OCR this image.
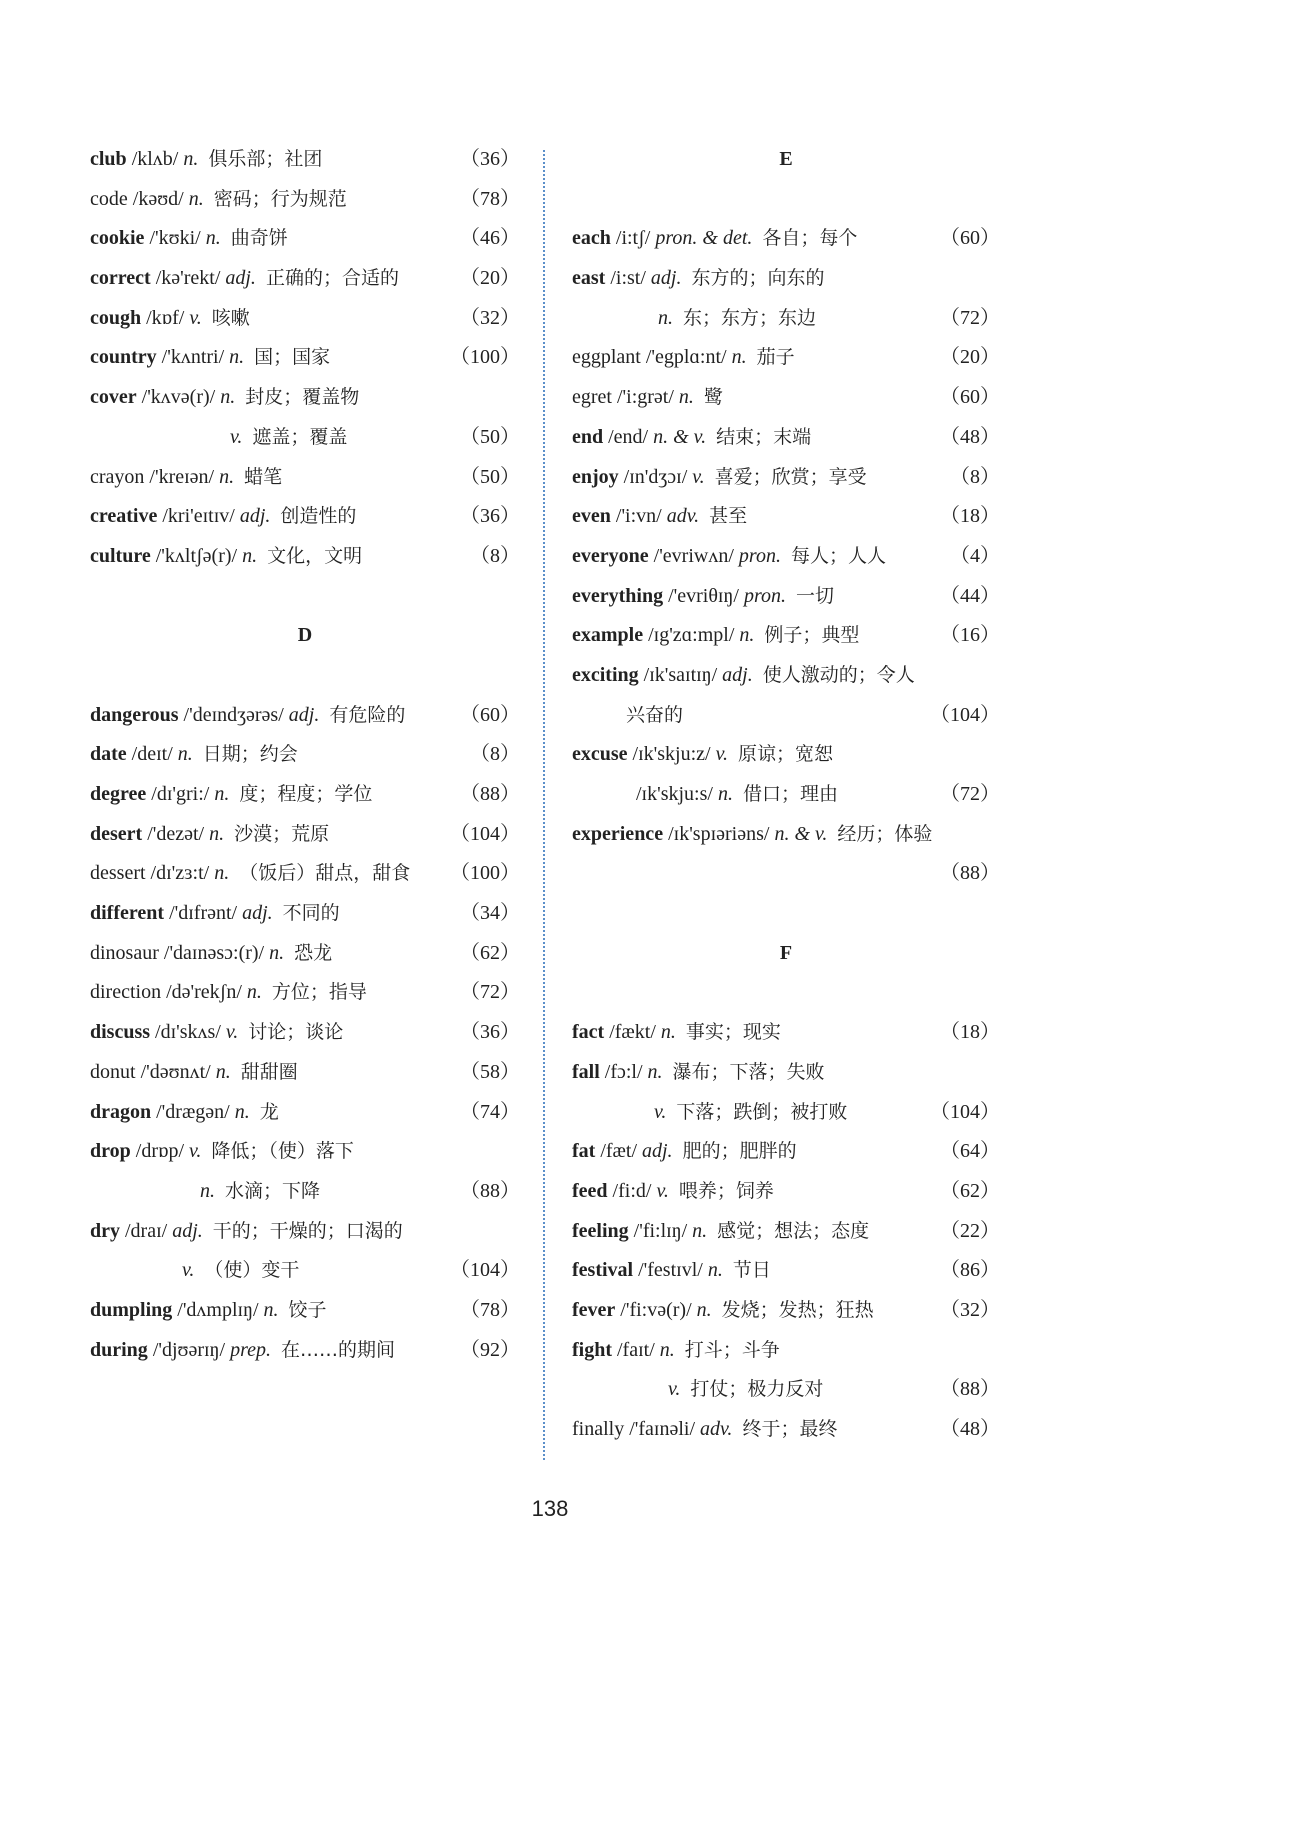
club /klʌb/ n. 俱乐部；社团	（36）
code /kəʊd/ n. 密码；行为规范	（78）
cookie /'kʊki/ n. 曲奇饼	（46）
correct /kə'rekt/ adj. 正确的；合适的	（20）
cough /kɒf/ v. 咳嗽	（32）
country /'kʌntri/ n. 国；国家	（100）
cover /'kʌvə(r)/ n. 封皮；覆盖物
v. 遮盖；覆盖	（50）
crayon /'kreɪən/ n. 蜡笔	（50）
creative /kri'eɪtɪv/ adj. 创造性的	（36）
culture /'kʌltʃə(r)/ n. 文化，文明	（8）
D
dangerous /'deɪndʒərəs/ adj. 有危险的	（60）
date /deɪt/ n. 日期；约会	（8）
degree /dɪ'gri:/ n. 度；程度；学位	（88）
desert /'dezət/ n. 沙漠；荒原	（104）
dessert /dɪ'zɜ:t/ n. （饭后）甜点，甜食 （100）
different /'dɪfrənt/ adj. 不同的	（34）
dinosaur /'daɪnəsɔ:(r)/ n. 恐龙	（62）
direction /də'rekʃn/ n. 方位；指导	（72）
discuss /dɪ'skʌs/ v. 讨论；谈论	（36）
donut /'dəʊnʌt/ n. 甜甜圈	（58）
dragon /'drægən/ n. 龙	（74）
drop /drɒp/ v. 降低；（使）落下
n. 水滴；下降	（88）
dry /draɪ/ adj. 干的；干燥的；口渴的
v. （使）变干	（104）
dumpling /'dʌmplɪŋ/ n. 饺子	（78）
during /'djʊərɪŋ/ prep. 在……的期间	（92）
E
each /i:tʃ/ pron. & det. 各自；每个	（60）
east /i:st/ adj. 东方的；向东的
n. 东；东方；东边	（72）
eggplant /'egplɑ:nt/ n. 茄子	（20）
egret /'i:grət/ n. 鹭	（60）
end /end/ n. & v. 结束；末端	（48）
enjoy /ɪn'dʒɔɪ/ v. 喜爱；欣赏；享受	（8）
even /'i:vn/ adv. 甚至	（18）
everyone /'evriwʌn/ pron. 每人；人人	（4）
everything /'evriθɪŋ/ pron. 一切	（44）
example /ɪg'zɑ:mpl/ n. 例子；典型	（16）
exciting /ɪk'saɪtɪŋ/ adj. 使人激动的；令人
兴奋的	（104）
excuse /ɪk'skju:z/ v. 原谅；宽恕
/ɪk'skju:s/ n. 借口；理由	（72）
experience /ɪk'spɪəriəns/ n. & v. 经历；体验

（88）
F
fact /fækt/ n. 事实；现实	（18）
fall /fɔ:l/ n. 瀑布；下落；失败
v. 下落；跌倒；被打败	（104）
fat /fæt/ adj. 肥的；肥胖的	（64）
feed /fi:d/ v. 喂养；饲养	（62）
feeling /'fi:lɪŋ/ n. 感觉；想法；态度	（22）
festival /'festɪvl/ n. 节日	（86）
fever /'fi:və(r)/ n. 发烧；发热；狂热	（32）
fight /faɪt/ n. 打斗；斗争
v. 打仗；极力反对	（88）
finally /'faɪnəli/ adv. 终于；最终	（48）
138
